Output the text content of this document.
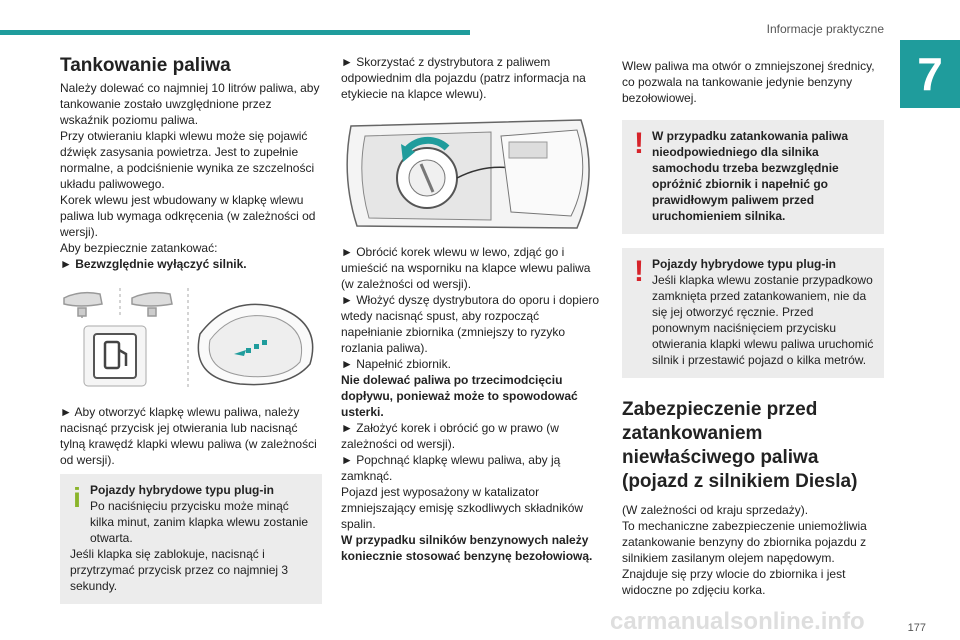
Informacje praktyczne
7
Tankowanie paliwa

Należy dolewać co najmniej 10 litrów paliwa, aby tankowanie zostało uwzględnione przez wskaźnik poziomu paliwa.

Przy otwieraniu klapki wlewu może się pojawić dźwięk zasysania powietrza. Jest to zupełnie normalne, a podciśnienie wynika ze szczelności układu paliwowego.

Korek wlewu jest wbudowany w klapkę wlewu paliwa lub wymaga odkręcenia (w zależności od wersji).

Aby bezpiecznie zatankować:

► Bezwzględnie wyłączyć silnik.

► Aby otworzyć klapkę wlewu paliwa, należy nacisnąć przycisk jej otwierania lub nacisnąć tylną krawędź klapki wlewu paliwa (w zależności od wersji).

i Pojazdy hybrydowe typu plug-in

Po naciśnięciu przycisku może minąć kilka minut, zanim klapka wlewu zostanie otwarta.

Jeśli klapka się zablokuje, nacisnąć i przytrzymać przycisk przez co najmniej 3 sekundy.

► Skorzystać z dystrybutora z paliwem odpowiednim dla pojazdu (patrz informacja na etykiecie na klapce wlewu).

► Obrócić korek wlewu w lewo, zdjąć go i umieścić na wsporniku na klapce wlewu paliwa (w zależności od wersji).

► Włożyć dyszę dystrybutora do oporu i dopiero wtedy nacisnąć spust, aby rozpocząć napełnianie zbiornika (zmniejszy to ryzyko rozlania paliwa).

► Napełnić zbiornik.

Nie dolewać paliwa po trzecimodcięciu dopływu, ponieważ może to spowodować usterki.

► Założyć korek i obrócić go w prawo (w zależności od wersji).

► Popchnąć klapkę wlewu paliwa, aby ją zamknąć.

Pojazd jest wyposażony w katalizator zmniejszający emisję szkodliwych składników spalin.

W przypadku silników benzynowych należy koniecznie stosować benzynę bezołowiową.

Wlew paliwa ma otwór o zmniejszonej średnicy, co pozwala na tankowanie jedynie benzyny bezołowiowej.

! W przypadku zatankowania paliwa nieodpowiedniego dla silnika samochodu trzeba bezwzględnie opróżnić zbiornik i napełnić go prawidłowym paliwem przed uruchomieniem silnika.

! Pojazdy hybrydowe typu plug-in

Jeśli klapka wlewu zostanie przypadkowo zamknięta przed zatankowaniem, nie da się jej otworzyć ręcznie. Przed ponownym naciśnięciem przycisku otwierania klapki wlewu paliwa uruchomić silnik i przestawić pojazd o kilka metrów.

Zabezpieczenie przed zatankowaniem niewłaściwego paliwa (pojazd z silnikiem Diesla)

(W zależności od kraju sprzedaży).

To mechaniczne zabezpieczenie uniemożliwia zatankowanie benzyny do zbiornika pojazdu z silnikiem zasilanym olejem napędowym.

Znajduje się przy wlocie do zbiornika i jest widoczne po zdjęciu korka.

177
carmanualsonline.info
